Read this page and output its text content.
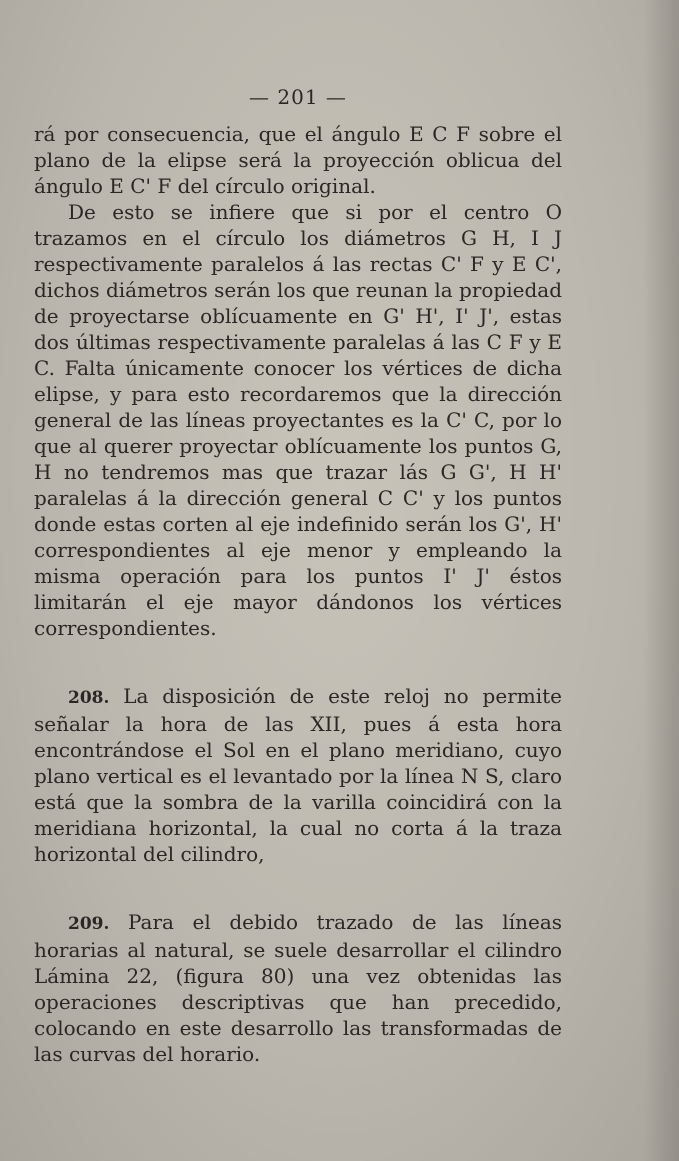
— 201 —

rá por consecuencia, que el ángulo E C F sobre el plano de la elipse será la proyección oblicua del ángulo E C' F del círculo original.

De esto se infiere que si por el centro O trazamos en el círculo los diámetros G H, I J respectivamente paralelos á las rectas C' F y E C', dichos diámetros serán los que reunan la propiedad de proyectarse oblícuamente en G' H', I' J', estas dos últimas respectivamente paralelas á las C F y E C. Falta únicamente conocer los vértices de dicha elipse, y para esto recordaremos que la dirección general de las líneas proyectantes es la C' C, por lo que al querer proyectar oblícuamente los puntos G, H no tendremos mas que trazar lás G G', H H' paralelas á la dirección general C C' y los puntos donde estas corten al eje indefinido serán los G', H' correspondientes al eje menor y empleando la misma operación para los puntos I' J' éstos limitarán el eje mayor dándonos los vértices correspondientes.

208. La disposición de este reloj no permite señalar la hora de las XII, pues á esta hora encontrándose el Sol en el plano meridiano, cuyo plano vertical es el levantado por la línea N S, claro está que la sombra de la varilla coincidirá con la meridiana horizontal, la cual no corta á la traza horizontal del cilindro,

209. Para el debido trazado de las líneas horarias al natural, se suele desarrollar el cilindro Lámina 22, (figura 80) una vez obtenidas las operaciones descriptivas que han precedido, colocando en este desarrollo las transformadas de las curvas del horario.
